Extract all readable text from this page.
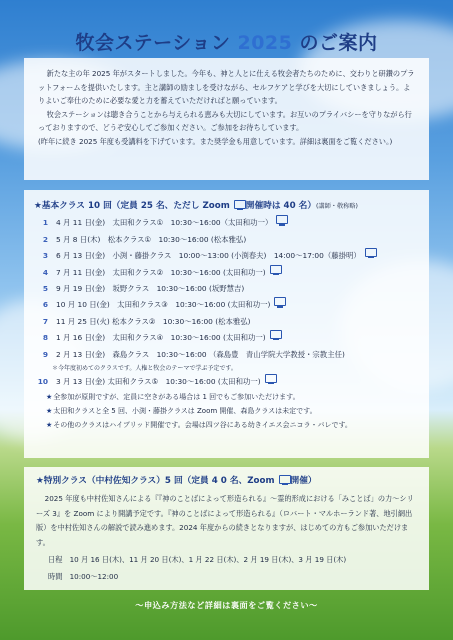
牧会ステーション 2025 のご案内

新たな主の年 2025 年がスタートしました。今年も、神と人とに仕える牧会者たちのために、交わりと研鑽のプラットフォームを提供いたします。主と講師の励ましを受けながら、セルフケアと学びを大切にしていきましょう。よりよいご奉仕のために必要な愛と力を蓄えていただければと願っています。

牧会ステーションは聴き合うことから与えられる恵みも大切にしています。お互いのプライバシーを守りながら行っておりますので、どうぞ安心してご参加ください。ご参加をお待ちしています。

(昨年に続き 2025 年度も受講料を下げています。また奨学金も用意しています。詳細は裏面をご覧ください。)

★基本クラス 10 回（定員 25 名、ただし Zoom 開催時は 40 名）(講師・敬称略)
1 4 月 11 日(金)　太田和クラス①　10:30～16:00（太田和功一）
2 5 月 8 日(木)　松本クラス①　10:30～16:00 (松本雅弘)
3 6 月 13 日(金)　小渕・藤掛クラス　10:00～13:00 (小渕春夫)　14:00～17:00（藤掛明）
4 7 月 11 日(金)　太田和クラス②　10:30～16:00 (太田和功一)
5 9 月 19 日(金)　坂野クラス　10:30～16:00 (坂野慧吉)
6 10 月 10 日(金)　太田和クラス③　10:30～16:00 (太田和功一)
7 11 月 25 日(火) 松本クラス②　10:30～16:00 (松本雅弘)
8 1 月 16 日(金)　太田和クラス④　10:30～16:00 (太田和功一)
9 2 月 13 日(金)　森島クラス　10:30～16:00 （森島豊　青山学院大学教授・宗教主任)
＊今年度初めてのクラスです。人権と牧会のテーマで学ぶ予定です。
10 3 月 13 日(金) 太田和クラス⑤　10:30～16:00 (太田和功一)
★ 全参加が原則ですが、定員に空きがある場合は 1 回でもご参加いただけます。
★ 太田和クラスと全 5 回、小渕・藤掛クラスは Zoom 開催、森島クラスは未定です。
★ その他のクラスはハイブリッド開催です。会場は四ツ谷にある幼きイエス会ニコラ・バレです。
★特別クラス（中村佐知クラス）5 回（定員 4 0 名、Zoom 開催）
2025 年度も中村佐知さんによる『『神のことばによって形造られる』～霊的形成における「みことば」の力～シリーズ 3』を Zoom により開講予定です。『神のことばによって形造られる』（ロバート・マルホーランド著、地引網出版）を中村佐知さんの解説で読み進めます。2024 年度からの続きとなりますが、はじめての方もご参加いただけます。
日程　10 月 16 日(木)、11 月 20 日(木)、1 月 22 日(木)、2 月 19 日(木)、3 月 19 日(木)
時間　10:00～12:00
～申込み方法など詳細は裏面をご覧ください～
